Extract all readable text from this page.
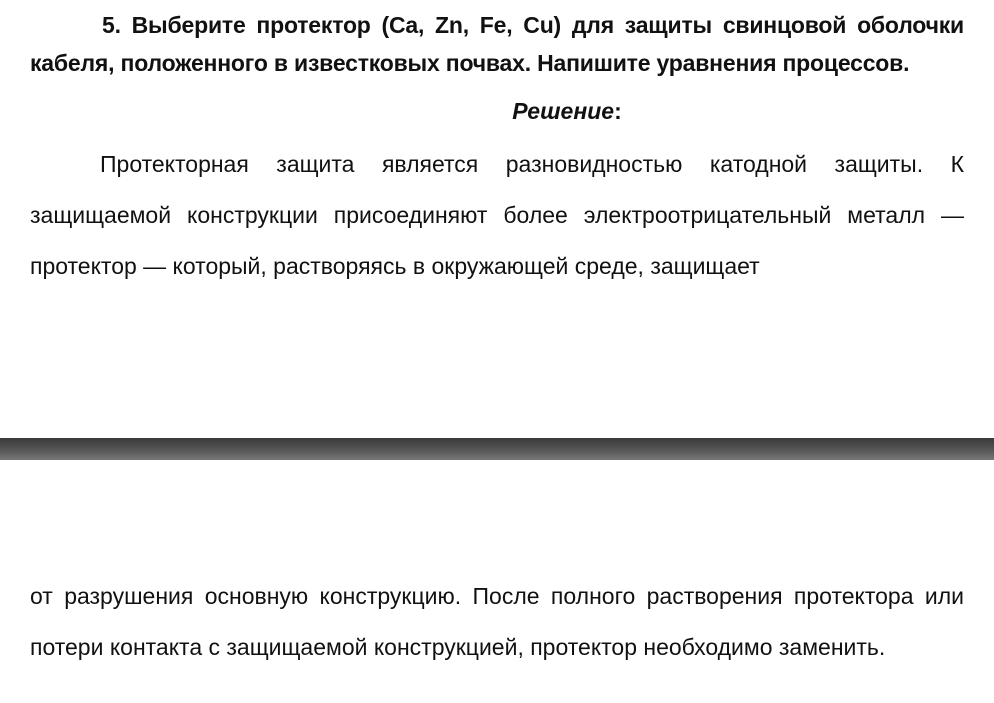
5. Выберите протектор (Ca, Zn, Fe, Cu) для защиты свинцовой оболочки кабеля, положенного в известковых почвах. Напишите уравнения процессов.

Решение:

Протекторная защита является разновидностью катодной защиты. К защищаемой конструкции присоединяют более электроотрицательный металл — протектор — который, растворяясь в окружающей среде, защищает

от разрушения основную конструкцию. После полного растворения протектора или потери контакта с защищаемой конструкцией, протектор необходимо заменить.
